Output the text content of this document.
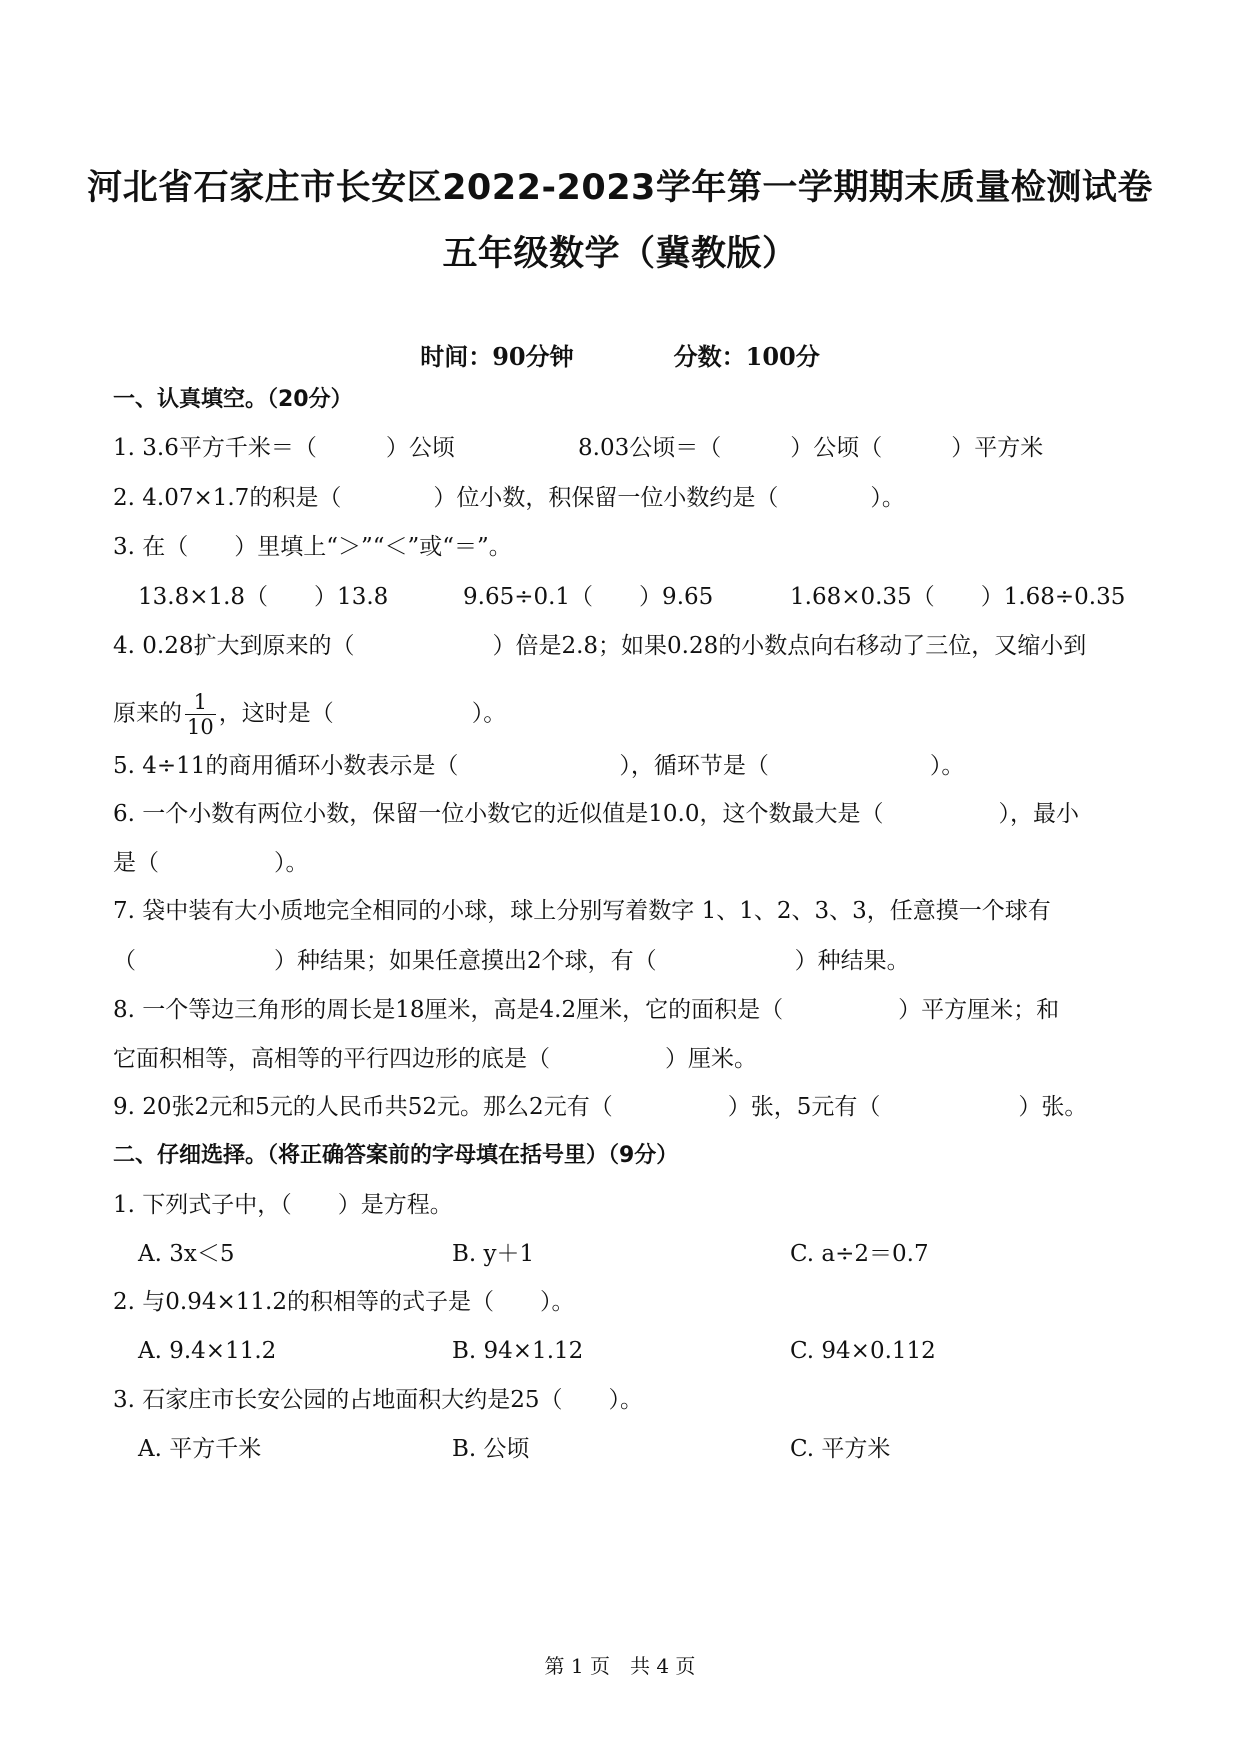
河北省石家庄市长安区2022-2023学年第一学期期末质量检测试卷
五年级数学（冀教版）
时间：90分钟	分数：100分
一、认真填空。（20分）
1. 3.6平方千米＝（　　　）公顷	8.03公顷＝（　　　）公顷（　　　）平方米
2. 4.07×1.7的积是（　　　　）位小数，积保留一位小数约是（　　　　）。
3. 在（　　）里填上“＞”“＜”或“＝”。
13.8×1.8（　　）13.8	9.65÷0.1（　　）9.65	1.68×0.35（　　）1.68÷0.35
4. 0.28扩大到原来的（　　　　　　）倍是2.8；如果0.28的小数点向右移动了三位，又缩小到
原来的 $\frac{1}{10}$ ，这时是（　　　　　　）。
5. 4÷11的商用循环小数表示是（　　　　　　　），循环节是（　　　　　　　）。
6. 一个小数有两位小数，保留一位小数它的近似值是10.0，这个数最大是（　　　　　），最小
是（　　　　　）。
7. 袋中装有大小质地完全相同的小球，球上分别写着数字 1、1、2、3、3，任意摸一个球有
（　　　　　　）种结果；如果任意摸出2个球，有（　　　　　　）种结果。
8. 一个等边三角形的周长是18厘米，高是4.2厘米，它的面积是（　　　　　）平方厘米；和
它面积相等，高相等的平行四边形的底是（　　　　　）厘米。
9. 20张2元和5元的人民币共52元。那么2元有（　　　　　）张，5元有（　　　　　　）张。
二、仔细选择。（将正确答案前的字母填在括号里）（9分）
1. 下列式子中，（　　）是方程。
A. 3x＜5	B. y＋1	C. a÷2＝0.7
2. 与0.94×11.2的积相等的式子是（　　）。
A. 9.4×11.2	B. 94×1.12	C. 94×0.112
3. 石家庄市长安公园的占地面积大约是25（　　）。
A. 平方千米	B. 公顷	C. 平方米
第 1 页　共 4 页
